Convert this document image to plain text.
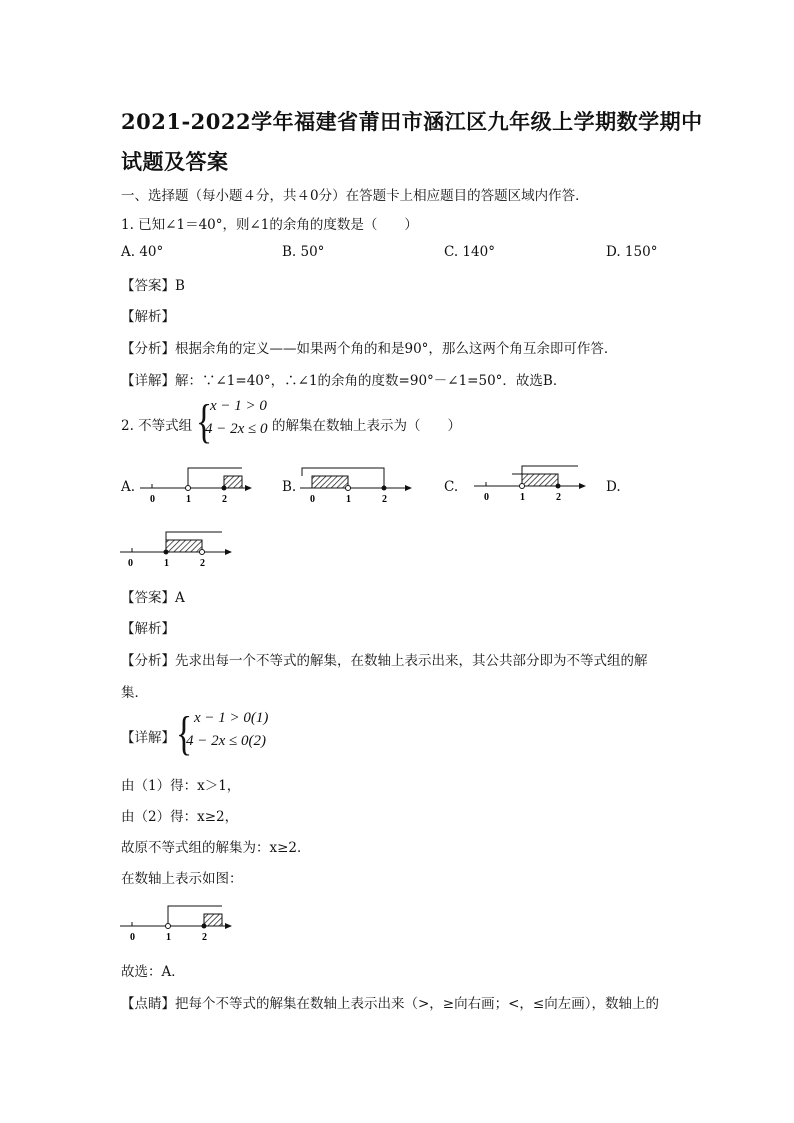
2021-2022学年福建省莆田市涵江区九年级上学期数学期中
试题及答案
一、选择题（每小题４分，共４0分）在答题卡上相应题目的答题区域内作答．
1. 已知∠1＝40°，则∠1的余角的度数是（　　）
A. 40°	B. 50°	C. 140°	D. 150°
【答案】B
【解析】
【分析】根据余角的定义——如果两个角的和是90°，那么这两个角互余即可作答．
【详解】解：∵∠1=40°，∴∠1的余角的度数=90°－∠1=50°．故选B．
2. 不等式组 {
x − 1 > 0
4 − 2x ≤ 0 的解集在数轴上表示为（　　）
A.	B.	C.	D.
0	1	2	0	1	2	0	1	2
0	1	2
【答案】A
【解析】
【分析】先求出每一个不等式的解集，在数轴上表示出来，其公共部分即为不等式组的解
集．
【详解】 { x − 1 > 0(1)
4 − 2x ≤ 0(2)
由（1）得：x＞1，
由（2）得：x≥2，
故原不等式组的解集为：x≥2．
在数轴上表示如图：
0	1	2
故选：A．
【点睛】把每个不等式的解集在数轴上表示出来（>，≥向右画；<，≤向左画），数轴上的
